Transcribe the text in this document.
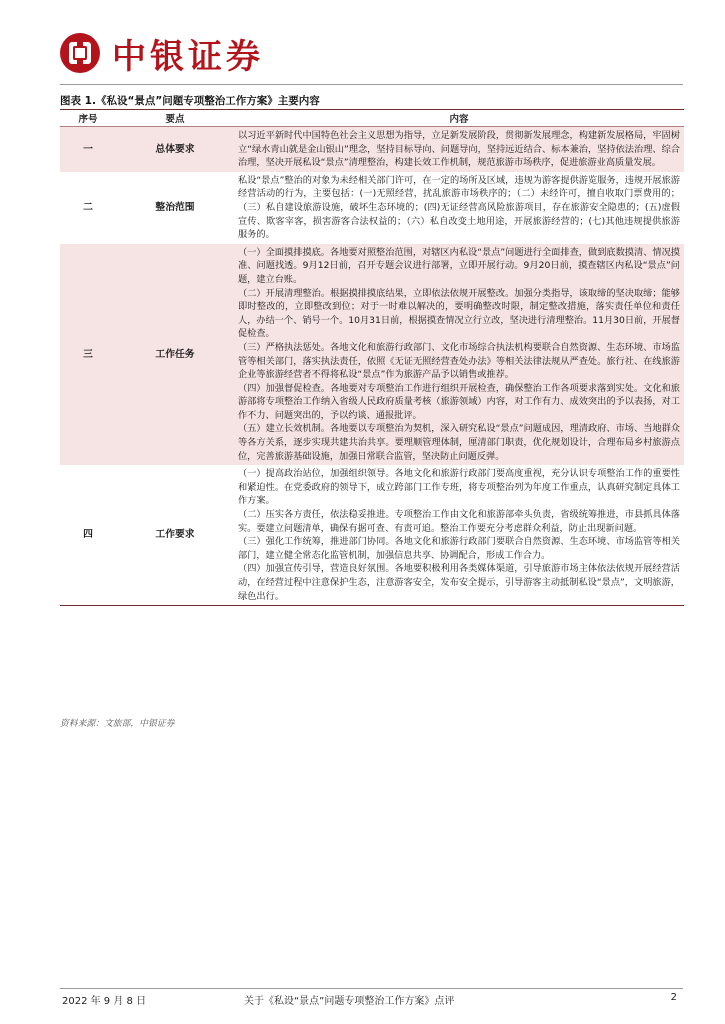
中银证券
图表 1.《私设“景点”问题专项整治工作方案》主要内容
序号	要点	内容
一	总体要求	以习近平新时代中国特色社会主义思想为指导，立足新发展阶段，贯彻新发展理念，构建新发展格局，牢固树立“绿水青山就是金山银山”理念，坚持目标导向、问题导向，坚持远近结合、标本兼治，坚持依法治理、综合治理，坚决开展私设“景点”清理整治，构建长效工作机制，规范旅游市场秩序，促进旅游业高质量发展。

二	整治范围	私设“景点”整治的对象为未经相关部门许可，在一定的场所及区域，违规为游客提供游览服务，违规开展旅游经营活动的行为，主要包括：(一)无照经营，扰乱旅游市场秩序的；（二）未经许可，擅自收取门票费用的；（三）私自建设旅游设施，破坏生态环境的；(四)无证经营高风险旅游项目，存在旅游安全隐患的；(五)虚假宣传、欺客宰客，损害游客合法权益的；（六）私自改变土地用途，开展旅游经营的；(七)其他违规提供旅游服务的。

三	工作任务	（一）全面摸排摸底。各地要对照整治范围，对辖区内私设“景点”问题进行全面排查，做到底数摸清、情况摸准、问题找透。9月12日前，召开专题会议进行部署，立即开展行动。9月20日前，摸查辖区内私设“景点”问题，建立台账。

（二）开展清理整治。根据摸排摸底结果，立即依法依规开展整改。加强分类指导，该取缔的坚决取缔；能够即时整改的，立即整改到位；对于一时难以解决的，要明确整改时限，制定整改措施，落实责任单位和责任人，办结一个、销号一个。10月31日前，根据摸查情况立行立改，坚决进行清理整治。11月30日前，开展督促检查。

（三）严格执法惩处。各地文化和旅游行政部门、文化市场综合执法机构要联合自然资源、生态环境、市场监管等相关部门，落实执法责任，依照《无证无照经营查处办法》等相关法律法规从严查处。旅行社、在线旅游企业等旅游经营者不得将私设“景点”作为旅游产品予以销售或推荐。

（四）加强督促检查。各地要对专项整治工作进行组织开展检查，确保整治工作各项要求落到实处。文化和旅游部将专项整治工作纳入省级人民政府质量考核（旅游领域）内容，对工作有力、成效突出的予以表扬，对工作不力、问题突出的，予以约谈、通报批评。

（五）建立长效机制。各地要以专项整治为契机，深入研究私设“景点”问题成因，理清政府、市场、当地群众等各方关系，逐步实现共建共治共享。要理顺管理体制，厘清部门职责，优化规划设计，合理布局乡村旅游点位，完善旅游基础设施，加强日常联合监管，坚决防止问题反弹。

四	工作要求	（一）提高政治站位，加强组织领导。各地文化和旅游行政部门要高度重视，充分认识专项整治工作的重要性和紧迫性。在党委政府的领导下，成立跨部门工作专班，将专项整治列为年度工作重点，认真研究制定具体工作方案。

（二）压实各方责任，依法稳妥推进。专项整治工作由文化和旅游部牵头负责，省级统筹推进，市县抓具体落实。要建立问题清单，确保有据可查、有责可追。整治工作要充分考虑群众利益，防止出现新问题。

（三）强化工作统筹，推进部门协同。各地文化和旅游行政部门要联合自然资源、生态环境、市场监管等相关部门，建立健全常态化监管机制，加强信息共享、协调配合，形成工作合力。

（四）加强宣传引导，营造良好氛围。各地要积极利用各类媒体渠道，引导旅游市场主体依法依规开展经营活动，在经营过程中注意保护生态，注意游客安全，发布安全提示，引导游客主动抵制私设“景点”，文明旅游，绿色出行。

资料来源：文旅部，中银证券
2022 年 9 月 8 日	关于《私设“景点”问题专项整治工作方案》点评	2
